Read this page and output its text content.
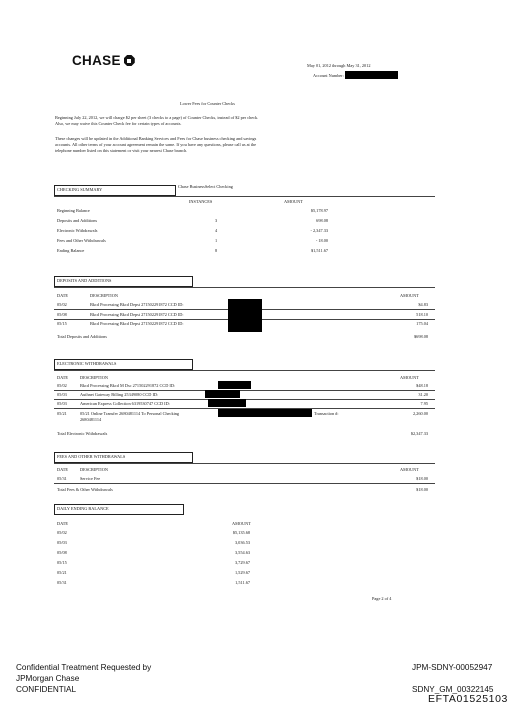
CHASE	May 01, 2012 through May 31, 2012
Account Number:
Lower Fees for Counter Checks
Beginning July 22, 2012, we will charge $2 per sheet (3 checks to a page) of Counter Checks, instead of $2 per check.
Also, we may waive this Counter Check fee for certain types of accounts.
These changes will be updated in the Additional Banking Services and Fees for Chase business checking and savings
accounts. All other terms of your account agreement remain the same. If you have any questions, please call us at the
telephone number listed on this statement or visit your nearest Chase branch.
CHECKING SUMMARY
Chase BusinessSelect Checking
INSTANCES	AMOUNT
Beginning Balance	$5,178.97
Deposits and Additions	3	698.08
Electronic Withdrawals	4	- 2,347.33
Fees and Other Withdrawals	1	- 18.00
Ending Balance	8	$1,511.67
DEPOSITS AND ADDITIONS
DATE	DESCRIPTION	AMOUNT
05/02	Bkcd Processing Bkcd Depst 271502291872 CCD ID:	$4.83
05/08	Bkcd Processing Bkcd Depst 271502291872 CCD ID:	518.10
05/15	Bkcd Processing Bkcd Depst 271502291872 CCD ID:	175.04
Total Deposits and Additions	$698.08
ELECTRONIC WITHDRAWALS
DATE	DESCRIPTION	AMOUNT
05/02	Bkcd Processing Bkcd M Dsc 271502291872 CCD ID:	$48.18
05/03	Authnet Gateway Billing 25349080 CCD ID:	31.20
05/03	American Express Collection 6319530747 CCD ID:	7.95
05/21	05/21 Online Transfer 2680481114 To Personal Checking	Transaction #:	2,260.00
2680481114
Total Electronic Withdrawals	$2,347.33
FEES AND OTHER WITHDRAWALS
DATE	DESCRIPTION	AMOUNT
05/31	Service Fee	$18.00
Total Fees & Other Withdrawals	$18.00
DAILY ENDING BALANCE
DATE	AMOUNT
05/02	$5,135.68
05/03	3,036.53
05/08	3,554.63
05/15	3,729.67
05/21	1,529.67
05/31	1,511.67
Page 2 of 4
Confidential Treatment Requested by
JPMorgan Chase
CONFIDENTIAL
JPM-SDNY-00052947
SDNY_GM_00322145
EFTA01525103
